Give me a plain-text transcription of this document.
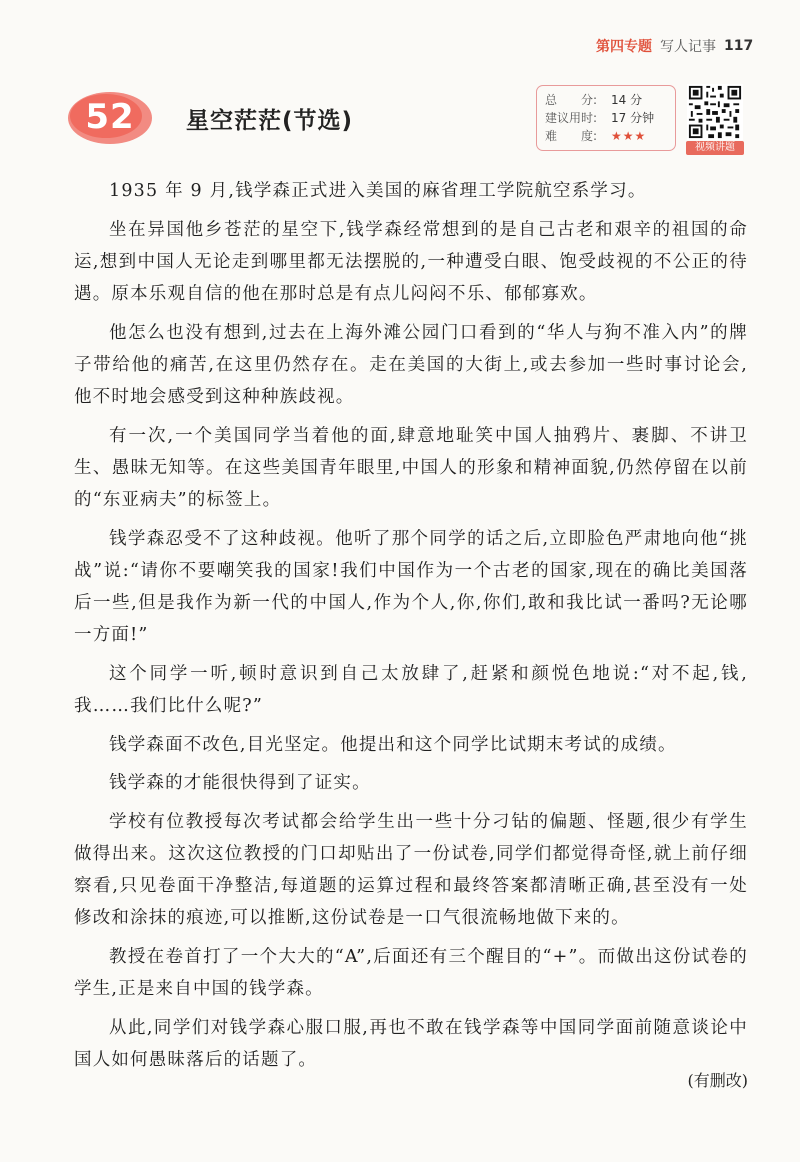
第四专题 写人记事 117
52	星空茫茫(节选)
总　　分:	14 分
建议用时:	17 分钟
难　　度:	★★★
视频讲题

1935 年 9 月,钱学森正式进入美国的麻省理工学院航空系学习。

坐在异国他乡苍茫的星空下,钱学森经常想到的是自己古老和艰辛的祖国的命运,想到中国人无论走到哪里都无法摆脱的,一种遭受白眼、饱受歧视的不公正的待遇。原本乐观自信的他在那时总是有点儿闷闷不乐、郁郁寡欢。

他怎么也没有想到,过去在上海外滩公园门口看到的“华人与狗不准入内”的牌子带给他的痛苦,在这里仍然存在。走在美国的大街上,或去参加一些时事讨论会,他不时地会感受到这种种族歧视。

有一次,一个美国同学当着他的面,肆意地耻笑中国人抽鸦片、裹脚、不讲卫生、愚昧无知等。在这些美国青年眼里,中国人的形象和精神面貌,仍然停留在以前的“东亚病夫”的标签上。

钱学森忍受不了这种歧视。他听了那个同学的话之后,立即脸色严肃地向他“挑战”说:“请你不要嘲笑我的国家!我们中国作为一个古老的国家,现在的确比美国落后一些,但是我作为新一代的中国人,作为个人,你,你们,敢和我比试一番吗?无论哪一方面!”

这个同学一听,顿时意识到自己太放肆了,赶紧和颜悦色地说:“对不起,钱,我……我们比什么呢?”

钱学森面不改色,目光坚定。他提出和这个同学比试期末考试的成绩。

钱学森的才能很快得到了证实。

学校有位教授每次考试都会给学生出一些十分刁钻的偏题、怪题,很少有学生做得出来。这次这位教授的门口却贴出了一份试卷,同学们都觉得奇怪,就上前仔细察看,只见卷面干净整洁,每道题的运算过程和最终答案都清晰正确,甚至没有一处修改和涂抹的痕迹,可以推断,这份试卷是一口气很流畅地做下来的。

教授在卷首打了一个大大的“A”,后面还有三个醒目的“+”。而做出这份试卷的学生,正是来自中国的钱学森。

从此,同学们对钱学森心服口服,再也不敢在钱学森等中国同学面前随意谈论中国人如何愚昧落后的话题了。

(有删改)
